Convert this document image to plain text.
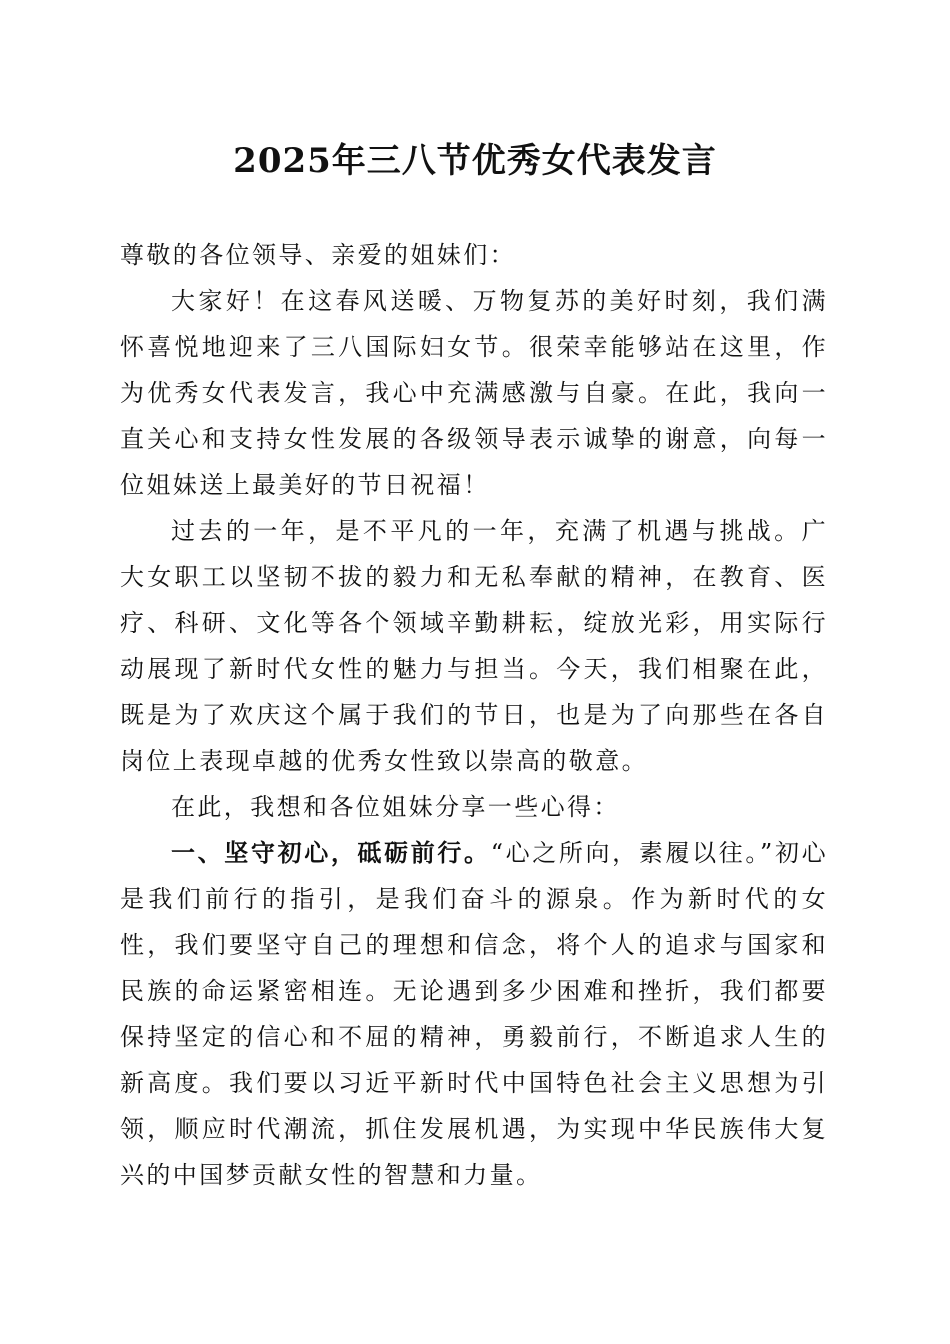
2025年三八节优秀女代表发言

尊敬的各位领导、亲爱的姐妹们：

大家好！在这春风送暖、万物复苏的美好时刻，我们满怀喜悦地迎来了三八国际妇女节。很荣幸能够站在这里，作为优秀女代表发言，我心中充满感激与自豪。在此，我向一直关心和支持女性发展的各级领导表示诚挚的谢意，向每一位姐妹送上最美好的节日祝福！

过去的一年，是不平凡的一年，充满了机遇与挑战。广大女职工以坚韧不拔的毅力和无私奉献的精神，在教育、医疗、科研、文化等各个领域辛勤耕耘，绽放光彩，用实际行动展现了新时代女性的魅力与担当。今天，我们相聚在此，既是为了欢庆这个属于我们的节日，也是为了向那些在各自岗位上表现卓越的优秀女性致以崇高的敬意。

在此，我想和各位姐妹分享一些心得：

一、坚守初心，砥砺前行。“心之所向，素履以往。”初心是我们前行的指引，是我们奋斗的源泉。作为新时代的女性，我们要坚守自己的理想和信念，将个人的追求与国家和民族的命运紧密相连。无论遇到多少困难和挫折，我们都要保持坚定的信心和不屈的精神，勇毅前行，不断追求人生的新高度。我们要以习近平新时代中国特色社会主义思想为引领，顺应时代潮流，抓住发展机遇，为实现中华民族伟大复兴的中国梦贡献女性的智慧和力量。
